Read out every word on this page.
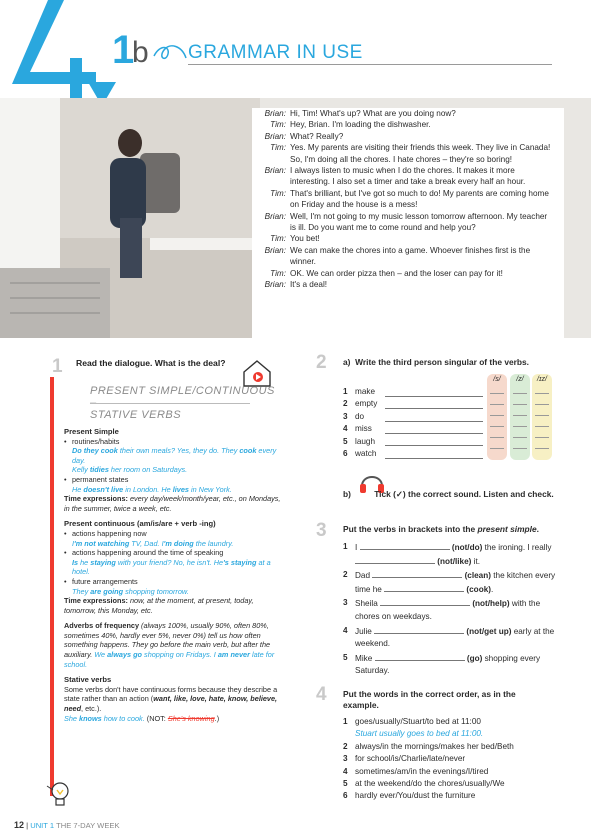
1 b GRAMMAR IN USE
Brian: Hi, Tim! What's up? What are you doing now?
Tim: Hey, Brian. I'm loading the dishwasher.
Brian: What? Really?
Tim: Yes. My parents are visiting their friends this week. They live in Canada! So, I'm doing all the chores. I hate chores – they're so boring!
Brian: I always listen to music when I do the chores. It makes it more interesting. I also set a timer and take a break every half an hour.
Tim: That's brilliant, but I've got so much to do! My parents are coming home on Friday and the house is a mess!
Brian: Well, I'm not going to my music lesson tomorrow afternoon. My teacher is ill. Do you want me to come round and help you?
Tim: You bet!
Brian: We can make the chores into a game. Whoever finishes first is the winner.
Tim: OK. We can order pizza then – and the loser can pay for it!
Brian: It's a deal!
1 Read the dialogue. What is the deal?
PRESENT SIMPLE/CONTINUOUS
STATIVE VERBS
Present Simple
• routines/habits
Do they cook their own meals? Yes, they do. They cook every day.
Kelly tidies her room on Saturdays.
• permanent states
He doesn't live in London. He lives in New York.
Time expressions: every day/week/month/year, etc., on Mondays, in the summer, twice a week, etc.
Present continuous (am/is/are + verb -ing)
• actions happening now
I'm not watching TV, Dad. I'm doing the laundry.
• actions happening around the time of speaking
Is he staying with your friend? No, he isn't. He's staying at a hotel.
• future arrangements
They are going shopping tomorrow.
Time expressions: now, at the moment, at present, today, tomorrow, this Monday, etc.
Adverbs of frequency (always 100%, usually 90%, often 80%, sometimes 40%, hardly ever 5%, never 0%) tell us how often something happens. They go before the main verb, but after the auxiliary. We always go shopping on Fridays. I am never late for school.
Stative verbs
Some verbs don't have continuous forms because they describe a state rather than an action (want, like, love, hate, know, believe, need, etc.).
She knows how to cook. (NOT: She's knowing.)
2 a) Write the third person singular of the verbs.
1 make
2 empty
3 do
4 miss
5 laugh
6 watch
/s/	/z/	/ɪz/
b)	Tick (✓) the correct sound. Listen and check.
3 Put the verbs in brackets into the present simple.
1 I	(not/do) the ironing. I really  (not/like) it.
2 Dad	(clean) the kitchen every time he	(cook).
3 Sheila	(not/help) with the chores on weekdays.
4 Julie	(not/get up) early at the weekend.
5 Mike	(go) shopping every Saturday.
4 Put the words in the correct order, as in the example.
1 goes/usually/Stuart/to bed at 11:00
Stuart usually goes to bed at 11:00.
2 always/in the mornings/makes her bed/Beth
3 for school/is/Charlie/late/never
4 sometimes/am/in the evenings/I/tired
5 at the weekend/do the chores/usually/We
6 hardly ever/You/dust the furniture
12 | UNIT 1 THE 7-DAY WEEK
